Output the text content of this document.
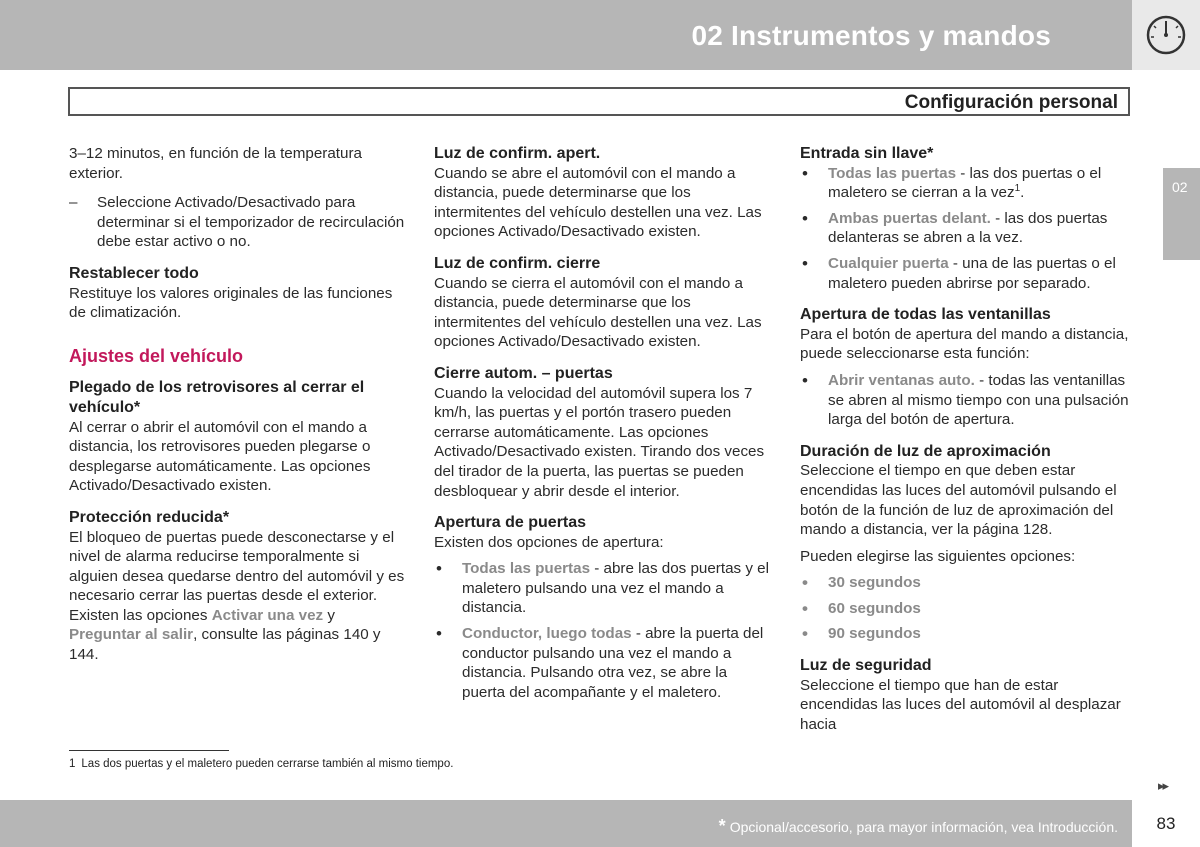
02 Instrumentos y mandos
Configuración personal
02

3–12 minutos, en función de la temperatura exterior.

–	Seleccione Activado/Desactivado para determinar si el temporizador de recirculación debe estar activo o no.

Restablecer todo

Restituye los valores originales de las funciones de climatización.

Ajustes del vehículo

Plegado de los retrovisores al cerrar el vehículo*

Al cerrar o abrir el automóvil con el mando a distancia, los retrovisores pueden plegarse o desplegarse automáticamente. Las opciones Activado/Desactivado existen.

Protección reducida*

El bloqueo de puertas puede desconectarse y el nivel de alarma reducirse temporalmente si alguien desea quedarse dentro del automóvil y es necesario cerrar las puertas desde el exterior. Existen las opciones Activar una vez y Preguntar al salir, consulte las páginas 140 y 144.

Luz de confirm. apert.

Cuando se abre el automóvil con el mando a distancia, puede determinarse que los intermitentes del vehículo destellen una vez. Las opciones Activado/Desactivado existen.

Luz de confirm. cierre

Cuando se cierra el automóvil con el mando a distancia, puede determinarse que los intermitentes del vehículo destellen una vez. Las opciones Activado/Desactivado existen.

Cierre autom. – puertas

Cuando la velocidad del automóvil supera los 7 km/h, las puertas y el portón trasero pueden cerrarse automáticamente. Las opciones Activado/Desactivado existen. Tirando dos veces del tirador de la puerta, las puertas se pueden desbloquear y abrir desde el interior.

Apertura de puertas

Existen dos opciones de apertura:

• Todas las puertas - abre las dos puertas y el maletero pulsando una vez el mando a distancia.
• Conductor, luego todas - abre la puerta del conductor pulsando una vez el mando a distancia. Pulsando otra vez, se abre la puerta del acompañante y el maletero.

Entrada sin llave*

• Todas las puertas - las dos puertas o el maletero se cierran a la vez$^1$.
• Ambas puertas delant. - las dos puertas delanteras se abren a la vez.
• Cualquier puerta - una de las puertas o el maletero pueden abrirse por separado.

Apertura de todas las ventanillas

Para el botón de apertura del mando a distancia, puede seleccionarse esta función:

• Abrir ventanas auto. - todas las ventanillas se abren al mismo tiempo con una pulsación larga del botón de apertura.

Duración de luz de aproximación

Seleccione el tiempo en que deben estar encendidas las luces del automóvil pulsando el botón de la función de luz de aproximación del mando a distancia, ver la página 128.

Pueden elegirse las siguientes opciones:

• 30 segundos
• 60 segundos
• 90 segundos

Luz de seguridad

Seleccione el tiempo que han de estar encendidas las luces del automóvil al desplazar hacia

1 Las dos puertas y el maletero pueden cerrarse también al mismo tiempo.
▸▸
* Opcional/accesorio, para mayor información, vea Introducción.	83
